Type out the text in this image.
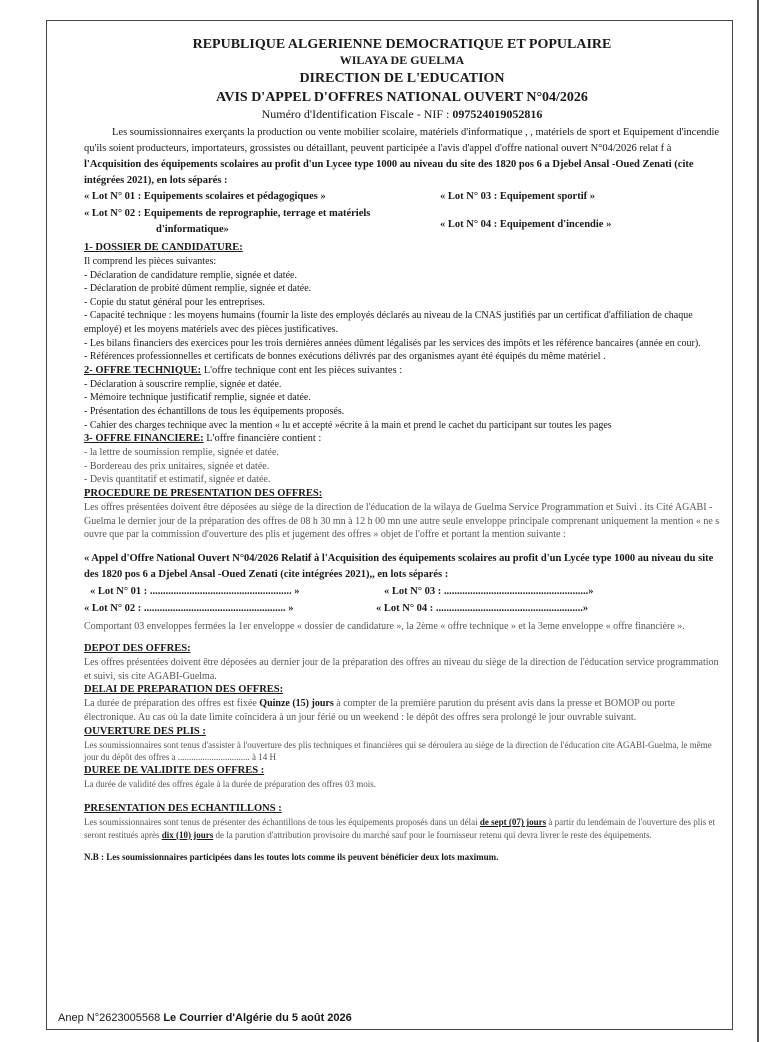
REPUBLIQUE ALGERIENNE DEMOCRATIQUE ET POPULAIRE
WILAYA DE GUELMA
DIRECTION DE L'EDUCATION
AVIS D'APPEL D'OFFRES NATIONAL OUVERT N°04/2026
Numéro d'Identification Fiscale - NIF : 097524019052816

Les soumissionnaires exerçants la production ou vente mobilier scolaire, matériels d'informatique , , matériels de sport et Equipement d'incendie qu'ils soient producteurs, importateurs, grossistes ou détaillant, peuvent participée a l'avis d'appel d'offre national ouvert N°04/2026 relat f à l'Acquisition des équipements scolaires au profit d'un Lycee type 1000 au niveau du site des 1820 pos 6 a Djebel Ansal -Oued Zenati (cite intégrées 2021), en lots séparés :

« Lot N° 01 : Equipements scolaires et pédagogiques »	« Lot N° 03 : Equipement sportif »
« Lot N° 02 : Equipements de reprographie, terrage et matériels
d'informatique»	« Lot N° 04 : Equipement d'incendie »
1- DOSSIER DE CANDIDATURE:
Il comprend les pièces suivantes:
- Déclaration de candidature remplie, signée et datée.
- Déclaration de probité dûment remplie, signée et datée.
- Copie du statut général pour les entreprises.
- Capacité technique : les moyens humains (fournir la liste des employés déclarés au niveau de la CNAS justifiés par un certificat d'affiliation de chaque employé) et les moyens matériels avec des pièces justificatives.
- Les bilans financiers des exercices pour les trois dernières années dûment légalisés par les services des impôts et les référence bancaires (année en cour).
- Références professionnelles et certificats de bonnes exécutions délivrés par des organismes ayant été équipés du même matériel .
2- OFFRE TECHNIQUE: L'offre technique cont ent les pièces suivantes :
- Déclaration à souscrire remplie, signée et datée.
- Mémoire technique justificatif remplie, signée et datée.
- Présentation des échantillons de tous les équipements proposés.
- Cahier des charges technique avec la mention « lu et accepté »écrite à la main et prend le cachet du participant sur toutes les pages
3- OFFRE FINANCIERE: L'offre financière contient :
- la lettre de soumission remplie, signée et datée.
- Bordereau des prix unitaires, signée et datée.
- Devis quantitatif et estimatif, signée et datée.
PROCEDURE DE PRESENTATION DES OFFRES:
Les offres présentées doivent être déposées au siège de la direction de l'éducation de la wilaya de Guelma Service Programmation et Suivi . its Cité AGABI - Guelma le dernier jour de la préparation des offres de 08 h 30 mn à 12 h 00 mn une autre seule enveloppe principale comprenant uniquement la mention « ne s ouvre que par la commission d'ouverture des plis et jugement des offres » objet de l'offre et portant la mention suivante :

« Appel d'Offre National Ouvert N°04/2026 Relatif à l'Acquisition des équipements scolaires au profit d'un Lycée type 1000 au niveau du site des 1820 pos 6 a Djebel Ansal -Oued Zenati (cite intégrées 2021),, en lots séparés :

« Lot N° 01 : ...................................................... »	« Lot N° 03 : .......................................................»
« Lot N° 02 : ...................................................... »	« Lot N° 04 : ........................................................»
Comportant 03 enveloppes fermées la 1er enveloppe « dossier de candidature », la 2ème « offre technique » et la 3eme enveloppe « offre financière ».
DEPOT DES OFFRES:
Les offres présentées doivent être déposées au dernier jour de la préparation des offres au niveau du siège de la direction de l'éducation service programmation et suivi, sis cite AGABI-Guelma.
DELAI DE PREPARATION DES OFFRES:
La durée de préparation des offres est fixée Quinze (15) jours à compter de la première parution du présent avis dans la presse et BOMOP ou porte électronique. Au cas où la date limite coïncidera à un jour férié ou un weekend : le dépôt des offres sera prolongé le jour ouvrable suivant.
OUVERTURE DES PLIS :
Les soumissionnaires sont tenus d'assister à l'ouverture des plis techniques et financières qui se déroulera au siège de la direction de l'éducation cite AGABI-Guelma, le même jour du dépôt des offres a ................................ à 14 H
DUREE DE VALIDITE DES OFFRES :
La durée de validité des offres égale à la durée de préparation des offres 03 mois.
PRESENTATION DES ECHANTILLONS :
Les soumissionnaires sont tenus de présenter des échantillons de tous les équipements proposés dans un délai de sept (07) jours à partir du lendemain de l'ouverture des plis et seront restitués après dix (10) jours de la parution d'attribution provisoire du marché sauf pour le fournisseur retenu qui devra livrer le reste des équipements.
N.B : Les soumissionnaires participées dans les toutes lots comme ils peuvent bénéficier deux lots maximum.
Anep N°2623005568 Le Courrier d'Algérie du 5 août 2026
